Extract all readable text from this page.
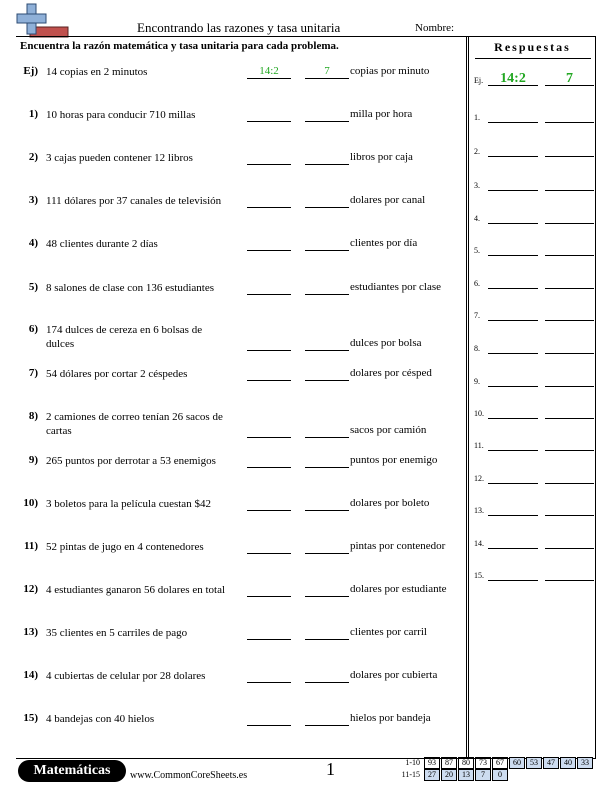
Encontrando las razones y tasa unitaria	Nombre:
Encuentra la razón matemática y tasa unitaria para cada problema.
Ej) 14 copias en 2 minutos	14:2	7	copias por minuto
1) 10 horas para conducir 710 millas	milla por hora
2) 3 cajas pueden contener 12 libros	libros por caja
3) 111 dólares por 37 canales de televisión	dolares por canal
4) 48 clientes durante 2 días	clientes por día
5) 8 salones de clase con 136 estudiantes	estudiantes por clase
6) 174 dulces de cereza en 6 bolsas de dulces	dulces por bolsa
7) 54 dólares por cortar 2 céspedes	dolares por césped
8) 2 camiones de correo tenían 26 sacos de cartas	sacos por camión
9) 265 puntos por derrotar a 53 enemigos	puntos por enemigo
10) 3 boletos para la película cuestan $42	dolares por boleto
11) 52 pintas de jugo en 4 contenedores	pintas por contenedor
12) 4 estudiantes ganaron 56 dolares en total	dolares por estudiante
13) 35 clientes en 5 carriles de pago	clientes por carril
14) 4 cubiertas de celular por 28 dolares	dolares por cubierta
15) 4 bandejas con 40 hielos	hielos por bandeja
Respuestas
Ej.	14:2	7
1.
2.
3.
4.
5.
6.
7.
8.
9.
10.
11.
12.
13.
14.
15.
Matemáticas	www.CommonCoreSheets.es	1	1-10	93	87	80	73	67	60	53	47	40	33
11-15	27	20	13	7	0
